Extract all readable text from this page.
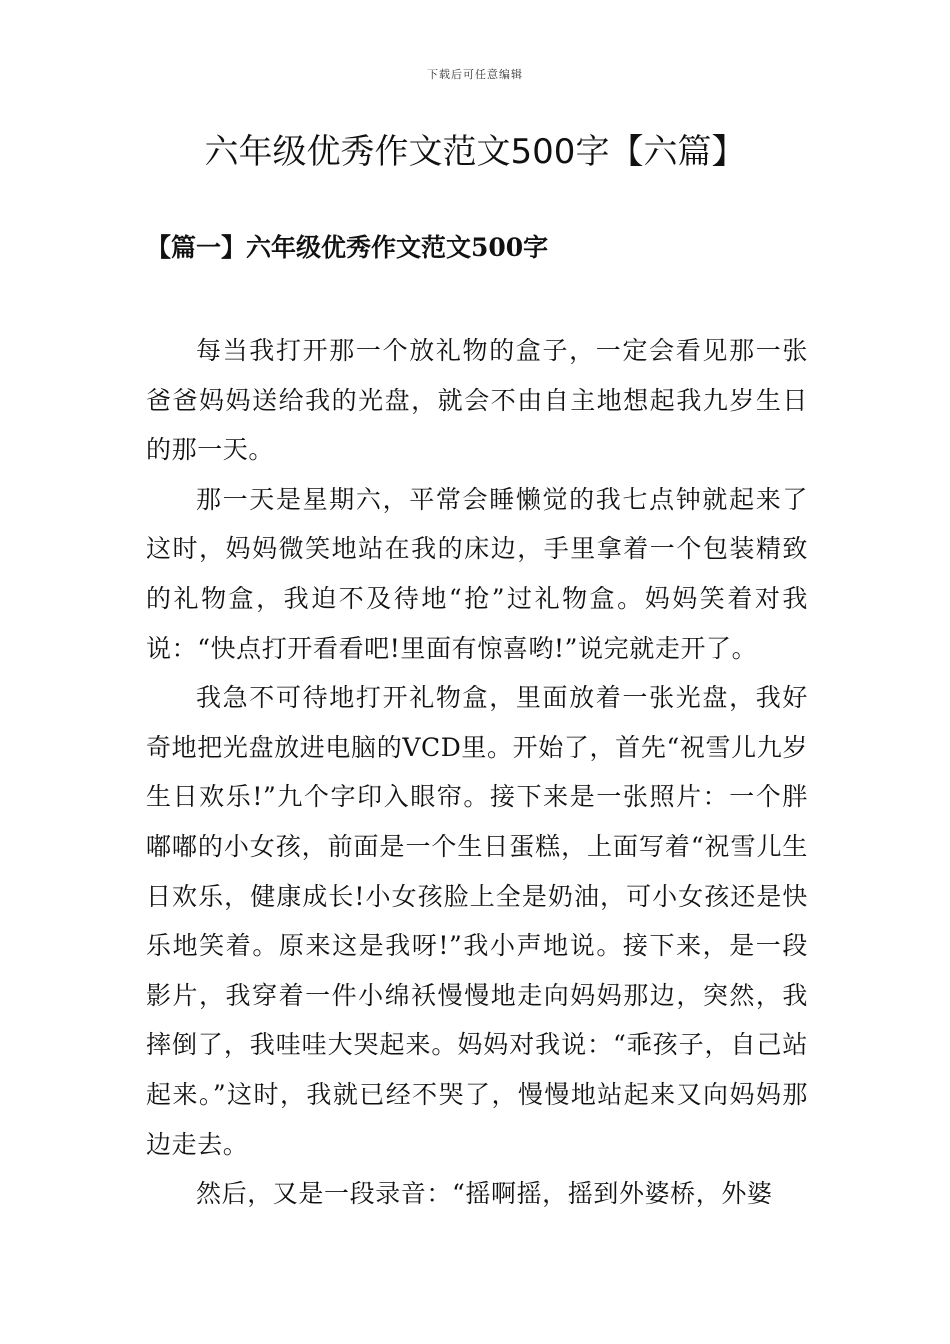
下载后可任意编辑
六年级优秀作文范文500字【六篇】
【篇一】六年级优秀作文范文500字

每当我打开那一个放礼物的盒子，一定会看见那一张爸爸妈妈送给我的光盘，就会不由自主地想起我九岁生日的那一天。

那一天是星期六，平常会睡懒觉的我七点钟就起来了这时，妈妈微笑地站在我的床边，手里拿着一个包装精致的礼物盒，我迫不及待地“抢”过礼物盒。妈妈笑着对我说：“快点打开看看吧!里面有惊喜哟!”说完就走开了。

我急不可待地打开礼物盒，里面放着一张光盘，我好奇地把光盘放进电脑的VCD里。开始了，首先“祝雪儿九岁生日欢乐!”九个字印入眼帘。接下来是一张照片：一个胖嘟嘟的小女孩，前面是一个生日蛋糕，上面写着“祝雪儿生日欢乐，健康成长!小女孩脸上全是奶油，可小女孩还是快乐地笑着。原来这是我呀!”我小声地说。接下来，是一段影片，我穿着一件小绵袄慢慢地走向妈妈那边，突然，我摔倒了，我哇哇大哭起来。妈妈对我说：“乖孩子，自己站起来。”这时，我就已经不哭了，慢慢地站起来又向妈妈那边走去。

然后，又是一段录音：“摇啊摇，摇到外婆桥，外婆
